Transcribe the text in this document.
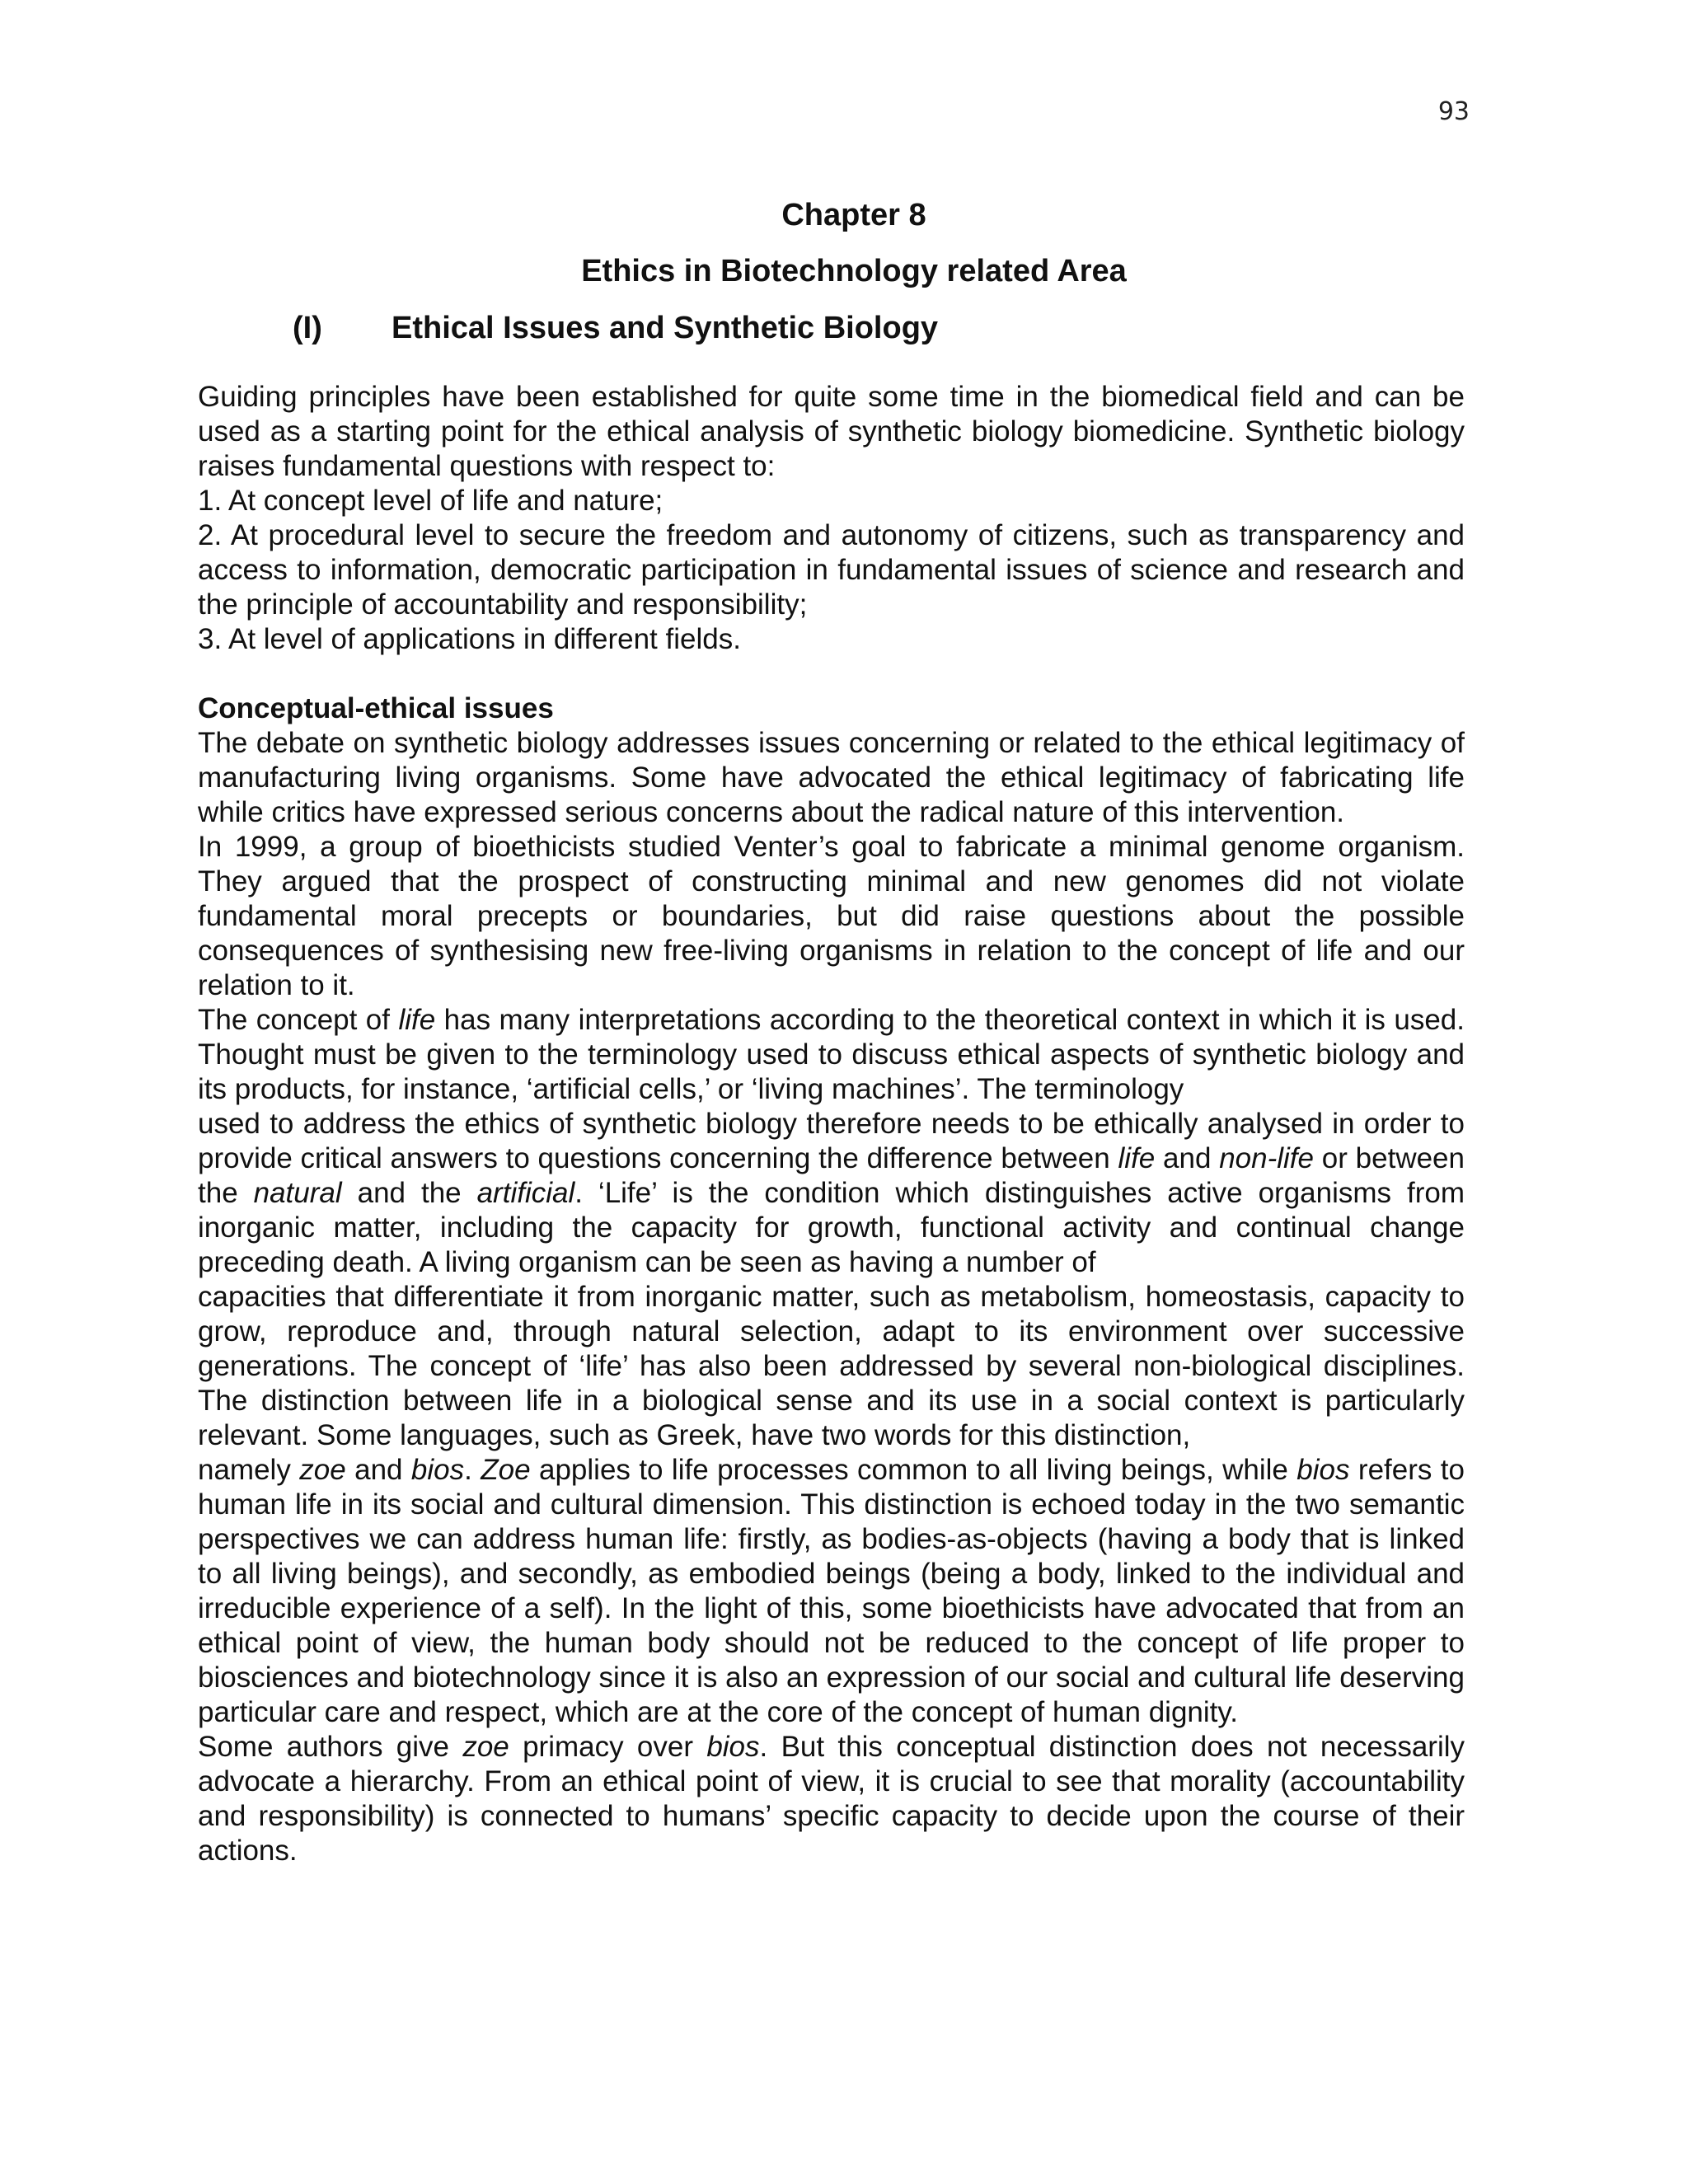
93
Chapter 8
Ethics in Biotechnology related Area
(I) Ethical Issues and Synthetic Biology

Guiding principles have been established for quite some time in the biomedical field and can be used as a starting point for the ethical analysis of synthetic biology biomedicine. Synthetic biology raises fundamental questions with respect to:

1. At concept level of life and nature;

2. At procedural level to secure the freedom and autonomy of citizens, such as transparency and access to information, democratic participation in fundamental issues of science and research and the principle of accountability and responsibility;

3. At level of applications in different fields.

Conceptual-ethical issues

The debate on synthetic biology addresses issues concerning or related to the ethical legitimacy of manufacturing living organisms. Some have advocated the ethical legitimacy of fabricating life while critics have expressed serious concerns about the radical nature of this intervention.

In 1999, a group of bioethicists studied Venter’s goal to fabricate a minimal genome organism. They argued that the prospect of constructing minimal and new genomes did not violate fundamental moral precepts or boundaries, but did raise questions about the possible consequences of synthesising new free-living organisms in relation to the concept of life and our relation to it.

The concept of life has many interpretations according to the theoretical context in which it is used. Thought must be given to the terminology used to discuss ethical aspects of synthetic biology and its products, for instance, ‘artificial cells,’ or ‘living machines’. The terminology

used to address the ethics of synthetic biology therefore needs to be ethically analysed in order to provide critical answers to questions concerning the difference between life and non-life or between the natural and the artificial. ‘Life’ is the condition which distinguishes active organisms from inorganic matter, including the capacity for growth, functional activity and continual change preceding death. A living organism can be seen as having a number of

capacities that differentiate it from inorganic matter, such as metabolism, homeostasis, capacity to grow, reproduce and, through natural selection, adapt to its environment over successive generations. The concept of ‘life’ has also been addressed by several non-biological disciplines. The distinction between life in a biological sense and its use in a social context is particularly relevant. Some languages, such as Greek, have two words for this distinction,

namely zoe and bios. Zoe applies to life processes common to all living beings, while bios refers to human life in its social and cultural dimension. This distinction is echoed today in the two semantic perspectives we can address human life: firstly, as bodies-as-objects (having a body that is linked to all living beings), and secondly, as embodied beings (being a body, linked to the individual and irreducible experience of a self). In the light of this, some bioethicists have advocated that from an ethical point of view, the human body should not be reduced to the concept of life proper to biosciences and biotechnology since it is also an expression of our social and cultural life deserving particular care and respect, which are at the core of the concept of human dignity.

Some authors give zoe primacy over bios. But this conceptual distinction does not necessarily advocate a hierarchy. From an ethical point of view, it is crucial to see that morality (accountability and responsibility) is connected to humans’ specific capacity to decide upon the course of their actions.
